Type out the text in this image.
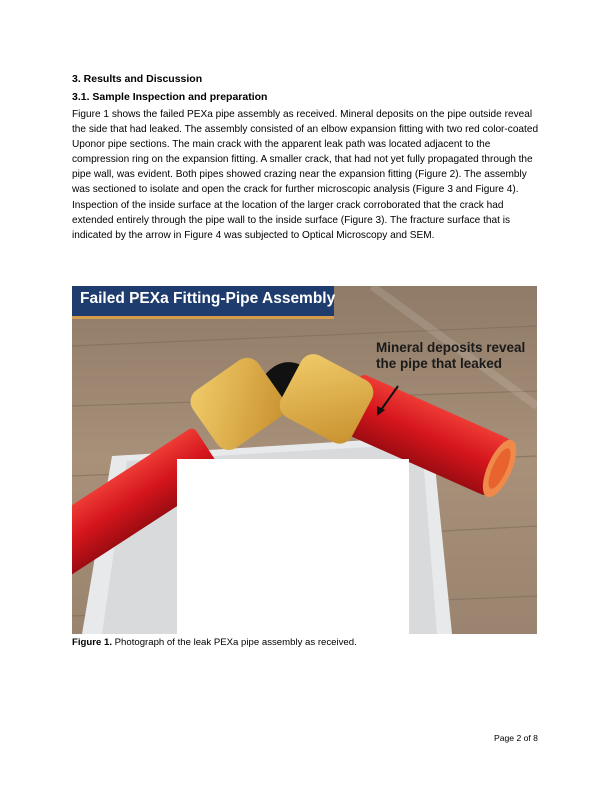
3. Results and Discussion
3.1. Sample Inspection and preparation

Figure 1 shows the failed PEXa pipe assembly as received. Mineral deposits on the pipe outside reveal the side that had leaked. The assembly consisted of an elbow expansion fitting with two red color-coated Uponor pipe sections. The main crack with the apparent leak path was located adjacent to the compression ring on the expansion fitting. A smaller crack, that had not yet fully propagated through the pipe wall, was evident. Both pipes showed crazing near the expansion fitting (Figure 2). The assembly was sectioned to isolate and open the crack for further microscopic analysis (Figure 3 and Figure 4). Inspection of the inside surface at the location of the larger crack corroborated that the crack had extended entirely through the pipe wall to the inside surface (Figure 3). The fracture surface that is indicated by the arrow in Figure 4 was subjected to Optical Microscopy and SEM.

Failed PEXa Fitting-Pipe Assembly
Mineral deposits reveal the pipe that leaked
Figure 1. Photograph of the leak PEXa pipe assembly as received.
Page 2 of 8
